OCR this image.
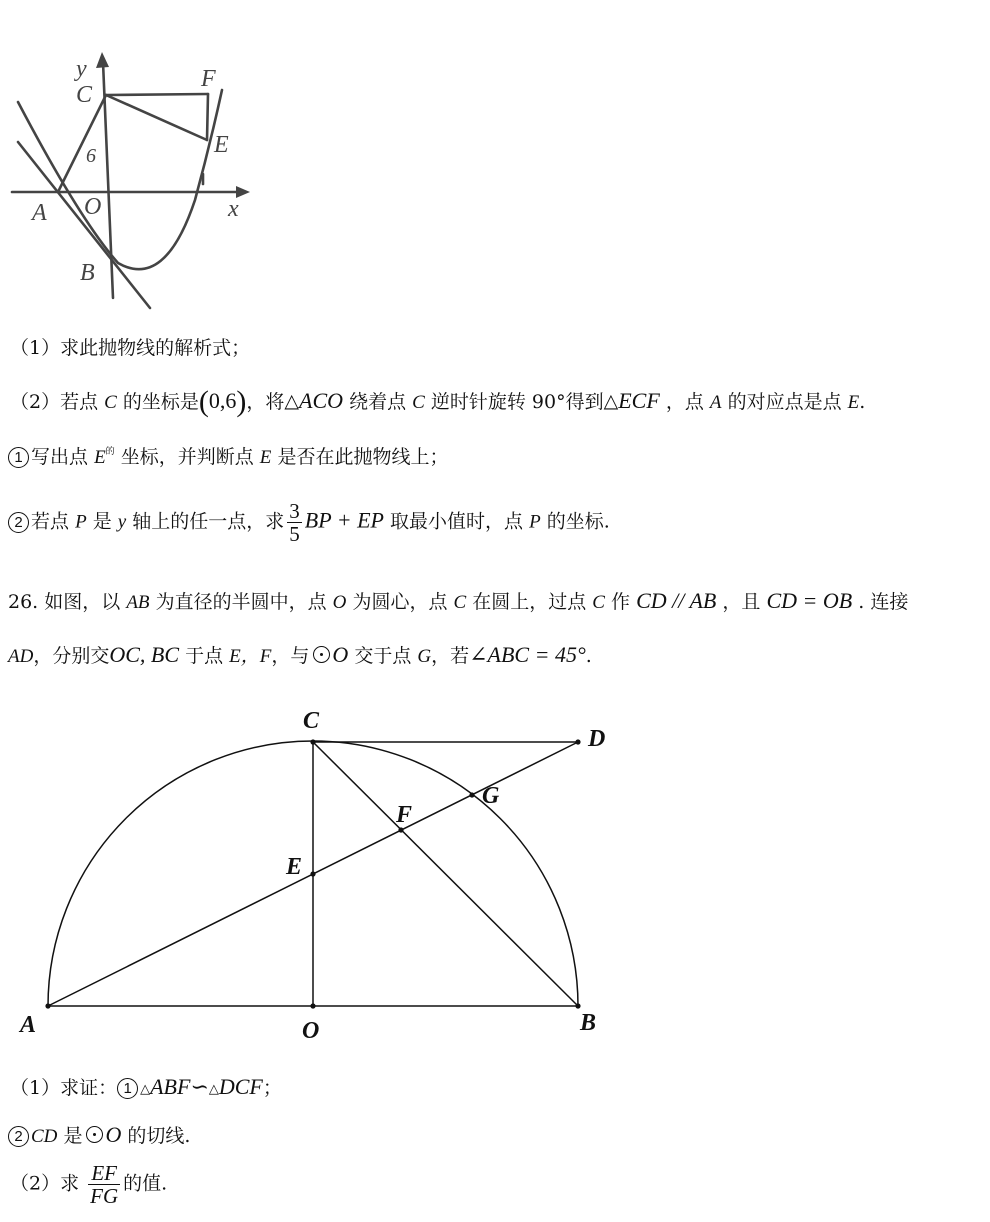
y
x
C
F
E
A O
B
6
（1）求此抛物线的解析式；
（2）若点 C 的坐标是(0,6)，将△ACO 绕着点 C 逆时针旋转 90°得到△ECF ，点 A 的对应点是点 E.
1 写出点 $E^的$ 坐标，并判断点 E 是否在此抛物线上；
2 若点 P 是 y 轴上的任一点，求 $\frac{3}{5}$ BP + EP 取最小值时，点 P 的坐标.
26. 如图，以 AB 为直径的半圆中，点 O 为圆心，点 C 在圆上，过点 C 作 CD // AB ，且 CD = OB . 连接
AD，分别交OC, BC 于点 E，F，与 O 交于点 G，若∠ABC = 45°.
C
D
G
F
E
A	O	B
（1）求证： 1 △ABF∽△DCF；
2 CD 是 O 的切线.
（2）求 $\frac{EF}{FG}$ 的值.
